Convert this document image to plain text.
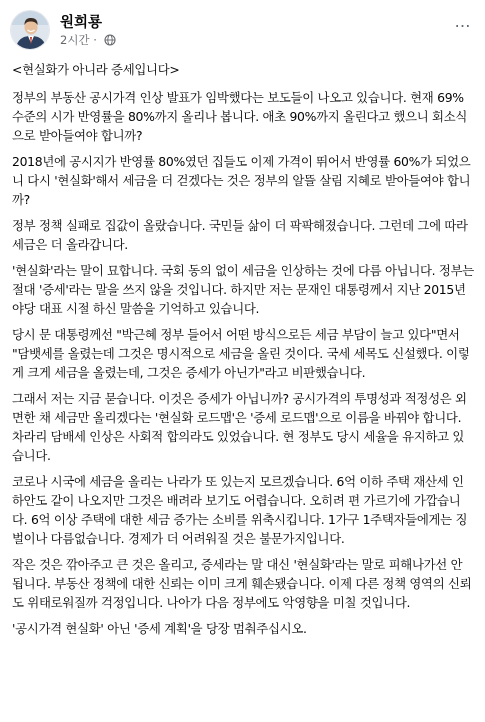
원희룡
2시간 ·
…

<현실화가 아니라 증세입니다>

정부의 부동산 공시가격 인상 발표가 임박했다는 보도들이 나오고 있습니다. 현재 69% 수준의 시가 반영률을 80%까지 올리나 봅니다. 애초 90%까지 올린다고 했으니 회소식으로 받아들여야 합니까?

2018년에 공시지가 반영률 80%였던 집들도 이제 가격이 뛰어서 반영률 60%가 되었으니 다시 '현실화'해서 세금을 더 걷겠다는 것은 정부의 알뜰 살림 지혜로 받아들여야 합니까?

정부 정책 실패로 집값이 올랐습니다. 국민들 삶이 더 팍팍해졌습니다. 그런데 그에 따라 세금은 더 올라갑니다.

'현실화'라는 말이 묘합니다. 국회 동의 없이 세금을 인상하는 것에 다름 아닙니다. 정부는 절대 '증세'라는 말을 쓰지 않을 것입니다. 하지만 저는 문재인 대통령께서 지난 2015년 야당 대표 시절 하신 말씀을 기억하고 있습니다.

당시 문 대통령께선 "박근혜 정부 들어서 어떤 방식으로든 세금 부담이 늘고 있다"면서 "담뱃세를 올렸는데 그것은 명시적으로 세금을 올린 것이다. 국세 세목도 신설했다. 이렇게 크게 세금을 올렸는데, 그것은 증세가 아닌가"라고 비판했습니다.

그래서 저는 지금 묻습니다. 이것은 증세가 아닙니까? 공시가격의 투명성과 적정성은 외면한 채 세금만 올리겠다는 '현실화 로드맵'은 '증세 로드맵'으로 이름을 바꿔야 합니다. 차라리 담배세 인상은 사회적 합의라도 있었습니다. 현 정부도 당시 세율을 유지하고 있습니다.

코로나 시국에 세금을 올리는 나라가 또 있는지 모르겠습니다. 6억 이하 주택 재산세 인하안도 같이 나오지만 그것은 배려라 보기도 어렵습니다. 오히려 편 가르기에 가깝습니다. 6억 이상 주택에 대한 세금 증가는 소비를 위축시킵니다. 1가구 1주택자들에게는 징벌이나 다름없습니다. 경제가 더 어려워질 것은 불문가지입니다.

작은 것은 깎아주고 큰 것은 올리고, 증세라는 말 대신 '현실화'라는 말로 피해나가선 안 됩니다. 부동산 정책에 대한 신뢰는 이미 크게 훼손됐습니다. 이제 다른 정책 영역의 신뢰도 위태로워질까 걱정입니다. 나아가 다음 정부에도 악영향을 미칠 것입니다.

'공시가격 현실화' 아닌 '증세 계획'을 당장 멈춰주십시오.
